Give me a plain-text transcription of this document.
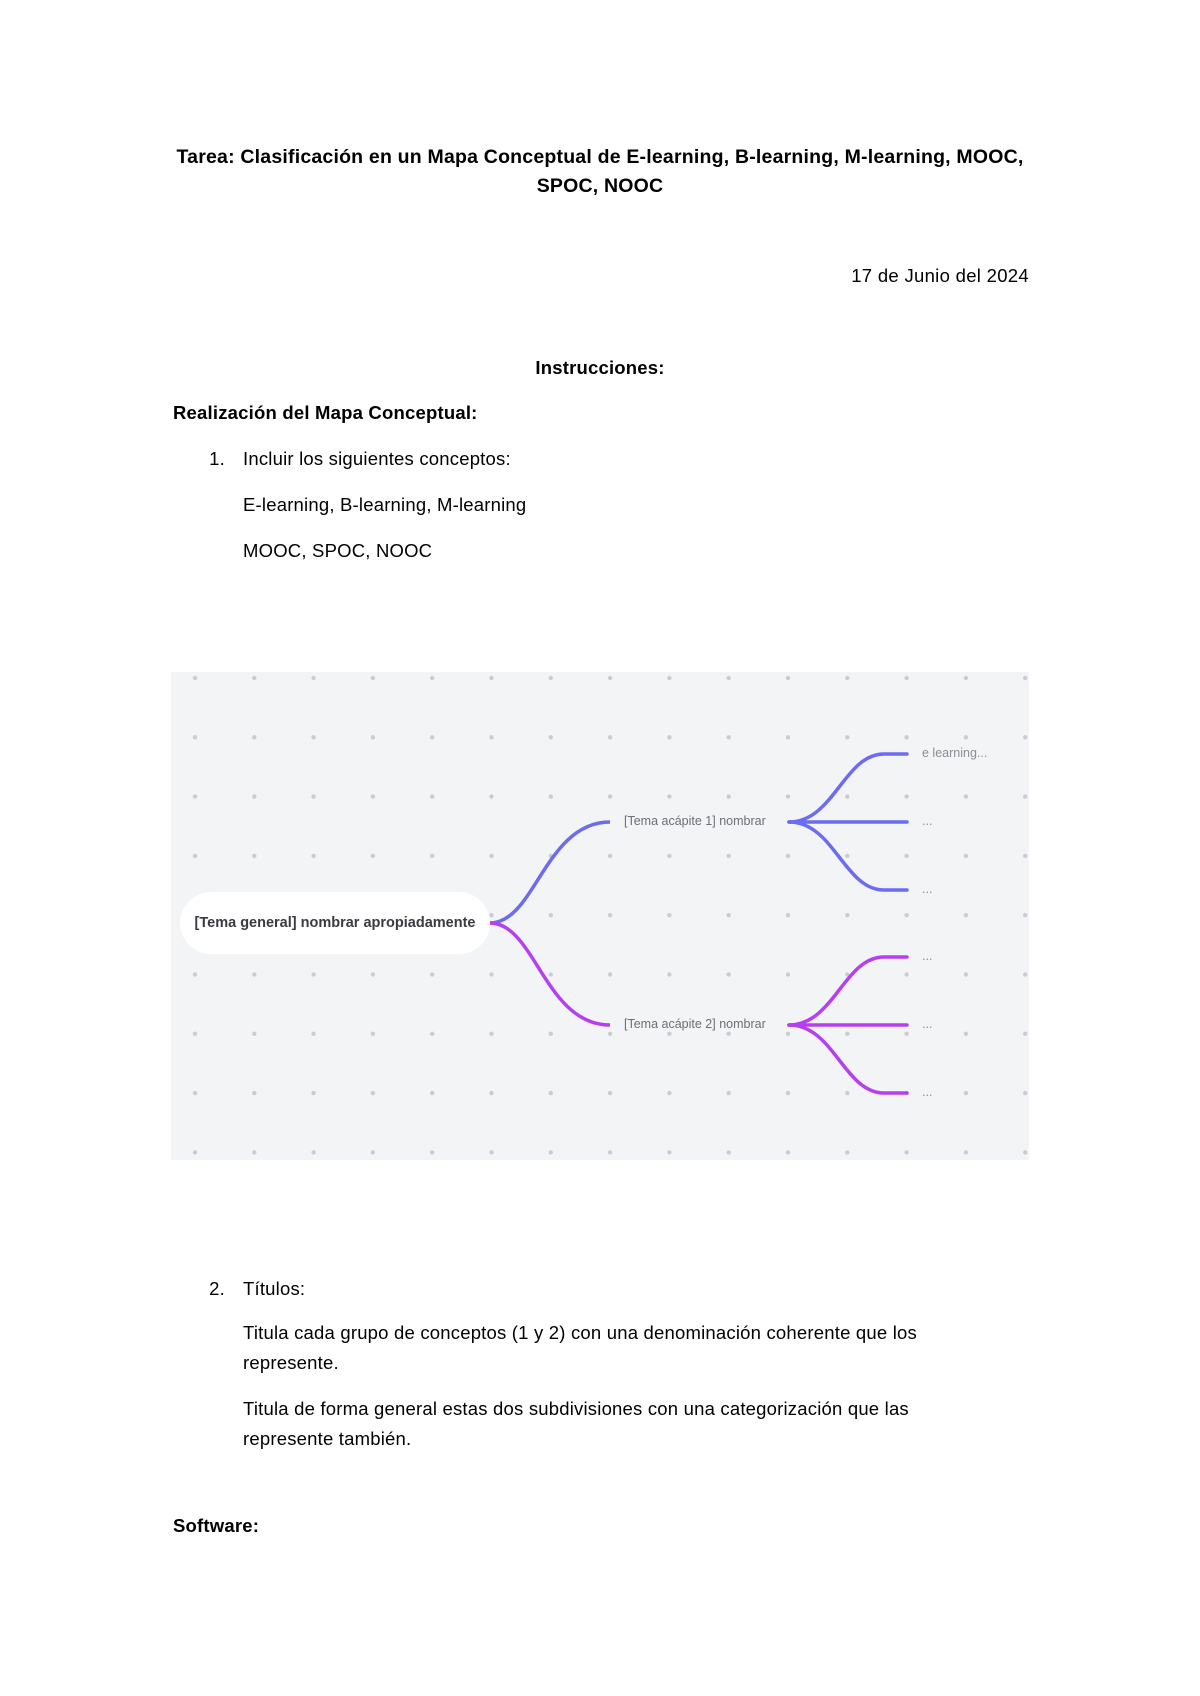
Tarea: Clasificación en un Mapa Conceptual de E-learning, B-learning, M-learning, MOOC,
SPOC, NOOC
17 de Junio del 2024
Instrucciones:
Realización del Mapa Conceptual:
1. Incluir los siguientes conceptos:
E-learning, B-learning, M-learning
MOOC, SPOC, NOOC
[Tema general] nombrar apropiadamente
[Tema acápite 1] nombrar
[Tema acápite 2] nombrar
e learning...
...
...
...
...
...
2. Títulos:
Titula cada grupo de conceptos (1 y 2) con una denominación coherente que los represente.
Titula de forma general estas dos subdivisiones con una categorización que las represente también.
Software:
